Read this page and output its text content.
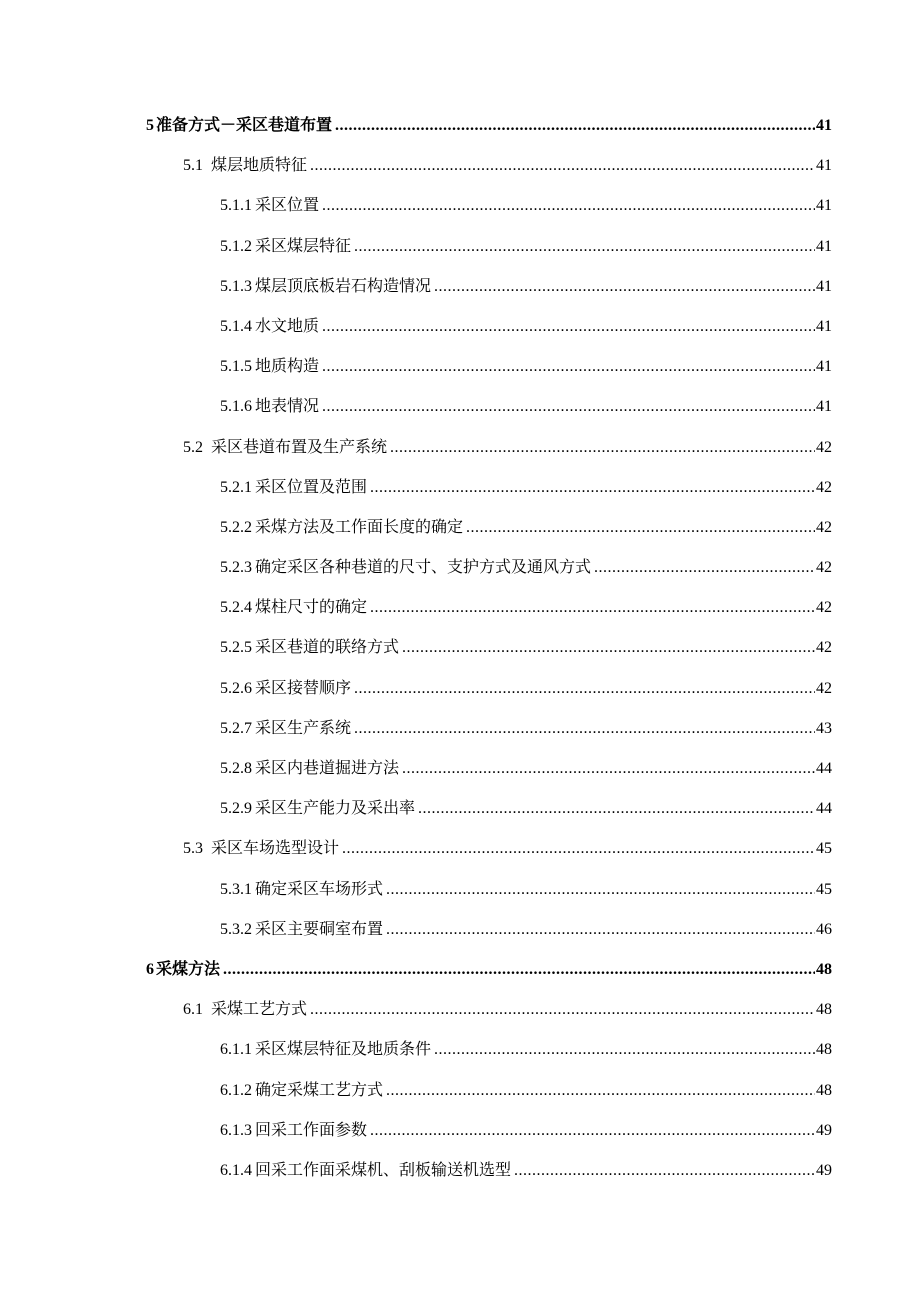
5 准备方式－采区巷道布置 .....	41
5.1 煤层地质特征 .....	41
5.1.1 采区位置 .....	41
5.1.2 采区煤层特征 .....	41
5.1.3 煤层顶底板岩石构造情况 .....	41
5.1.4 水文地质 .....	41
5.1.5 地质构造 .....	41
5.1.6 地表情况 .....	41
5.2 采区巷道布置及生产系统 .....	42
5.2.1 采区位置及范围 .....	42
5.2.2 采煤方法及工作面长度的确定 .....	42
5.2.3 确定采区各种巷道的尺寸、支护方式及通风方式 .....	42
5.2.4 煤柱尺寸的确定 .....	42
5.2.5 采区巷道的联络方式 .....	42
5.2.6 采区接替顺序 .....	42
5.2.7 采区生产系统 .....	43
5.2.8 采区内巷道掘进方法 .....	44
5.2.9 采区生产能力及采出率 .....	44
5.3 采区车场选型设计 .....	45
5.3.1 确定采区车场形式 .....	45
5.3.2 采区主要硐室布置 .....	46
6 采煤方法 .....	48
6.1 采煤工艺方式 .....	48
6.1.1 采区煤层特征及地质条件 .....	48
6.1.2 确定采煤工艺方式 .....	48
6.1.3 回采工作面参数 .....	49
6.1.4 回采工作面采煤机、刮板输送机选型 .....	49
